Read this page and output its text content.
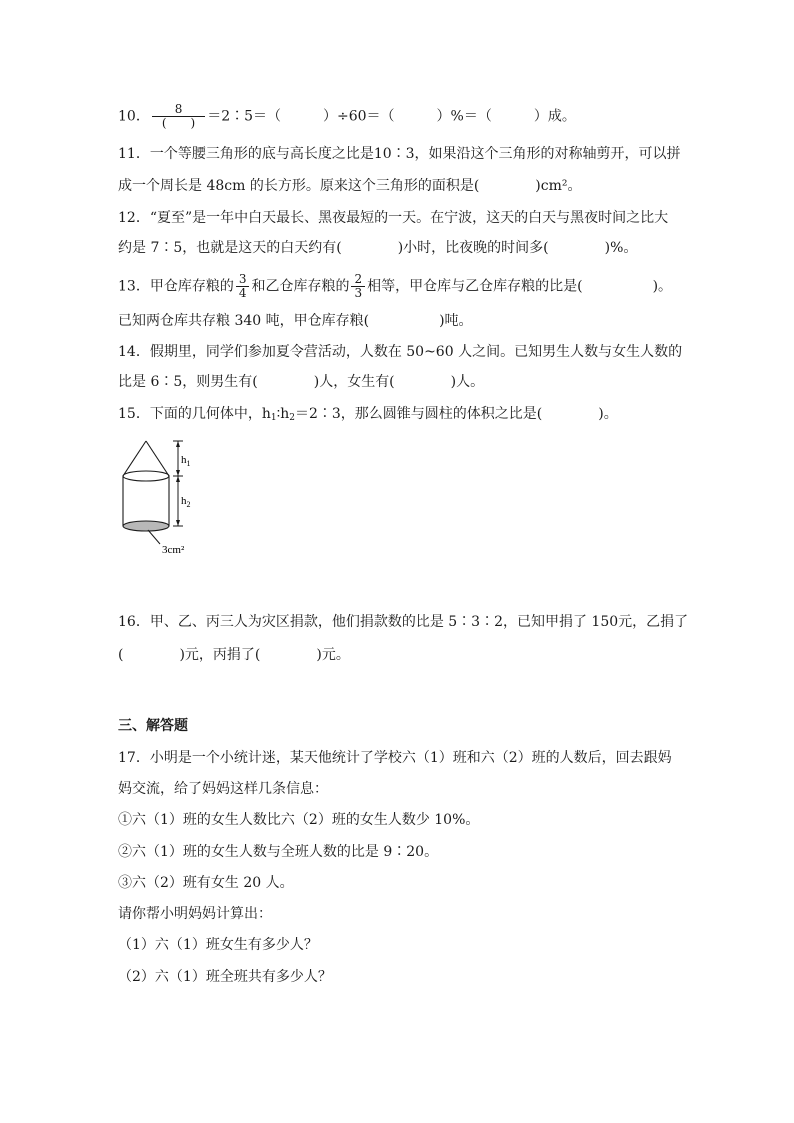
10． $\frac{8}{( )}$ ＝2∶5＝（　　　）÷60＝（　　　）%＝（　　　）成。
11．一个等腰三角形的底与高长度之比是10∶3，如果沿这个三角形的对称轴剪开，可以拼
成一个周长是 48cm 的长方形。原来这个三角形的面积是(　　　　)cm²。
12．“夏至”是一年中白天最长、黑夜最短的一天。在宁波，这天的白天与黑夜时间之比大
约是 7∶5，也就是这天的白天约有(　　　　)小时，比夜晚的时间多(　　　　)%。
13．甲仓库存粮的 $\frac{3}{4}$ 和乙仓库存粮的 $\frac{2}{3}$ 相等，甲仓库与乙仓库存粮的比是(　　　　　)。
已知两仓库共存粮 340 吨，甲仓库存粮(　　　　　)吨。
14．假期里，同学们参加夏令营活动，人数在 50~60 人之间。已知男生人数与女生人数的
比是 6∶5，则男生有(　　　　)人，女生有(　　　　)人。
15．下面的几何体中，$h_1∶h_2=2∶3$，那么圆锥与圆柱的体积之比是(　　　　)。
$h_1$
$h_2$
3cm²
16．甲、乙、丙三人为灾区捐款，他们捐款数的比是 5∶3∶2，已知甲捐了 150元，乙捐了
(　　　　)元，丙捐了(　　　　)元。
三、解答题
17．小明是一个小统计迷，某天他统计了学校六（1）班和六（2）班的人数后，回去跟妈
妈交流，给了妈妈这样几条信息：
①六（1）班的女生人数比六（2）班的女生人数少 10%。
②六（1）班的女生人数与全班人数的比是 9∶20。
③六（2）班有女生 20 人。
请你帮小明妈妈计算出：
（1）六（1）班女生有多少人？
（2）六（1）班全班共有多少人？
